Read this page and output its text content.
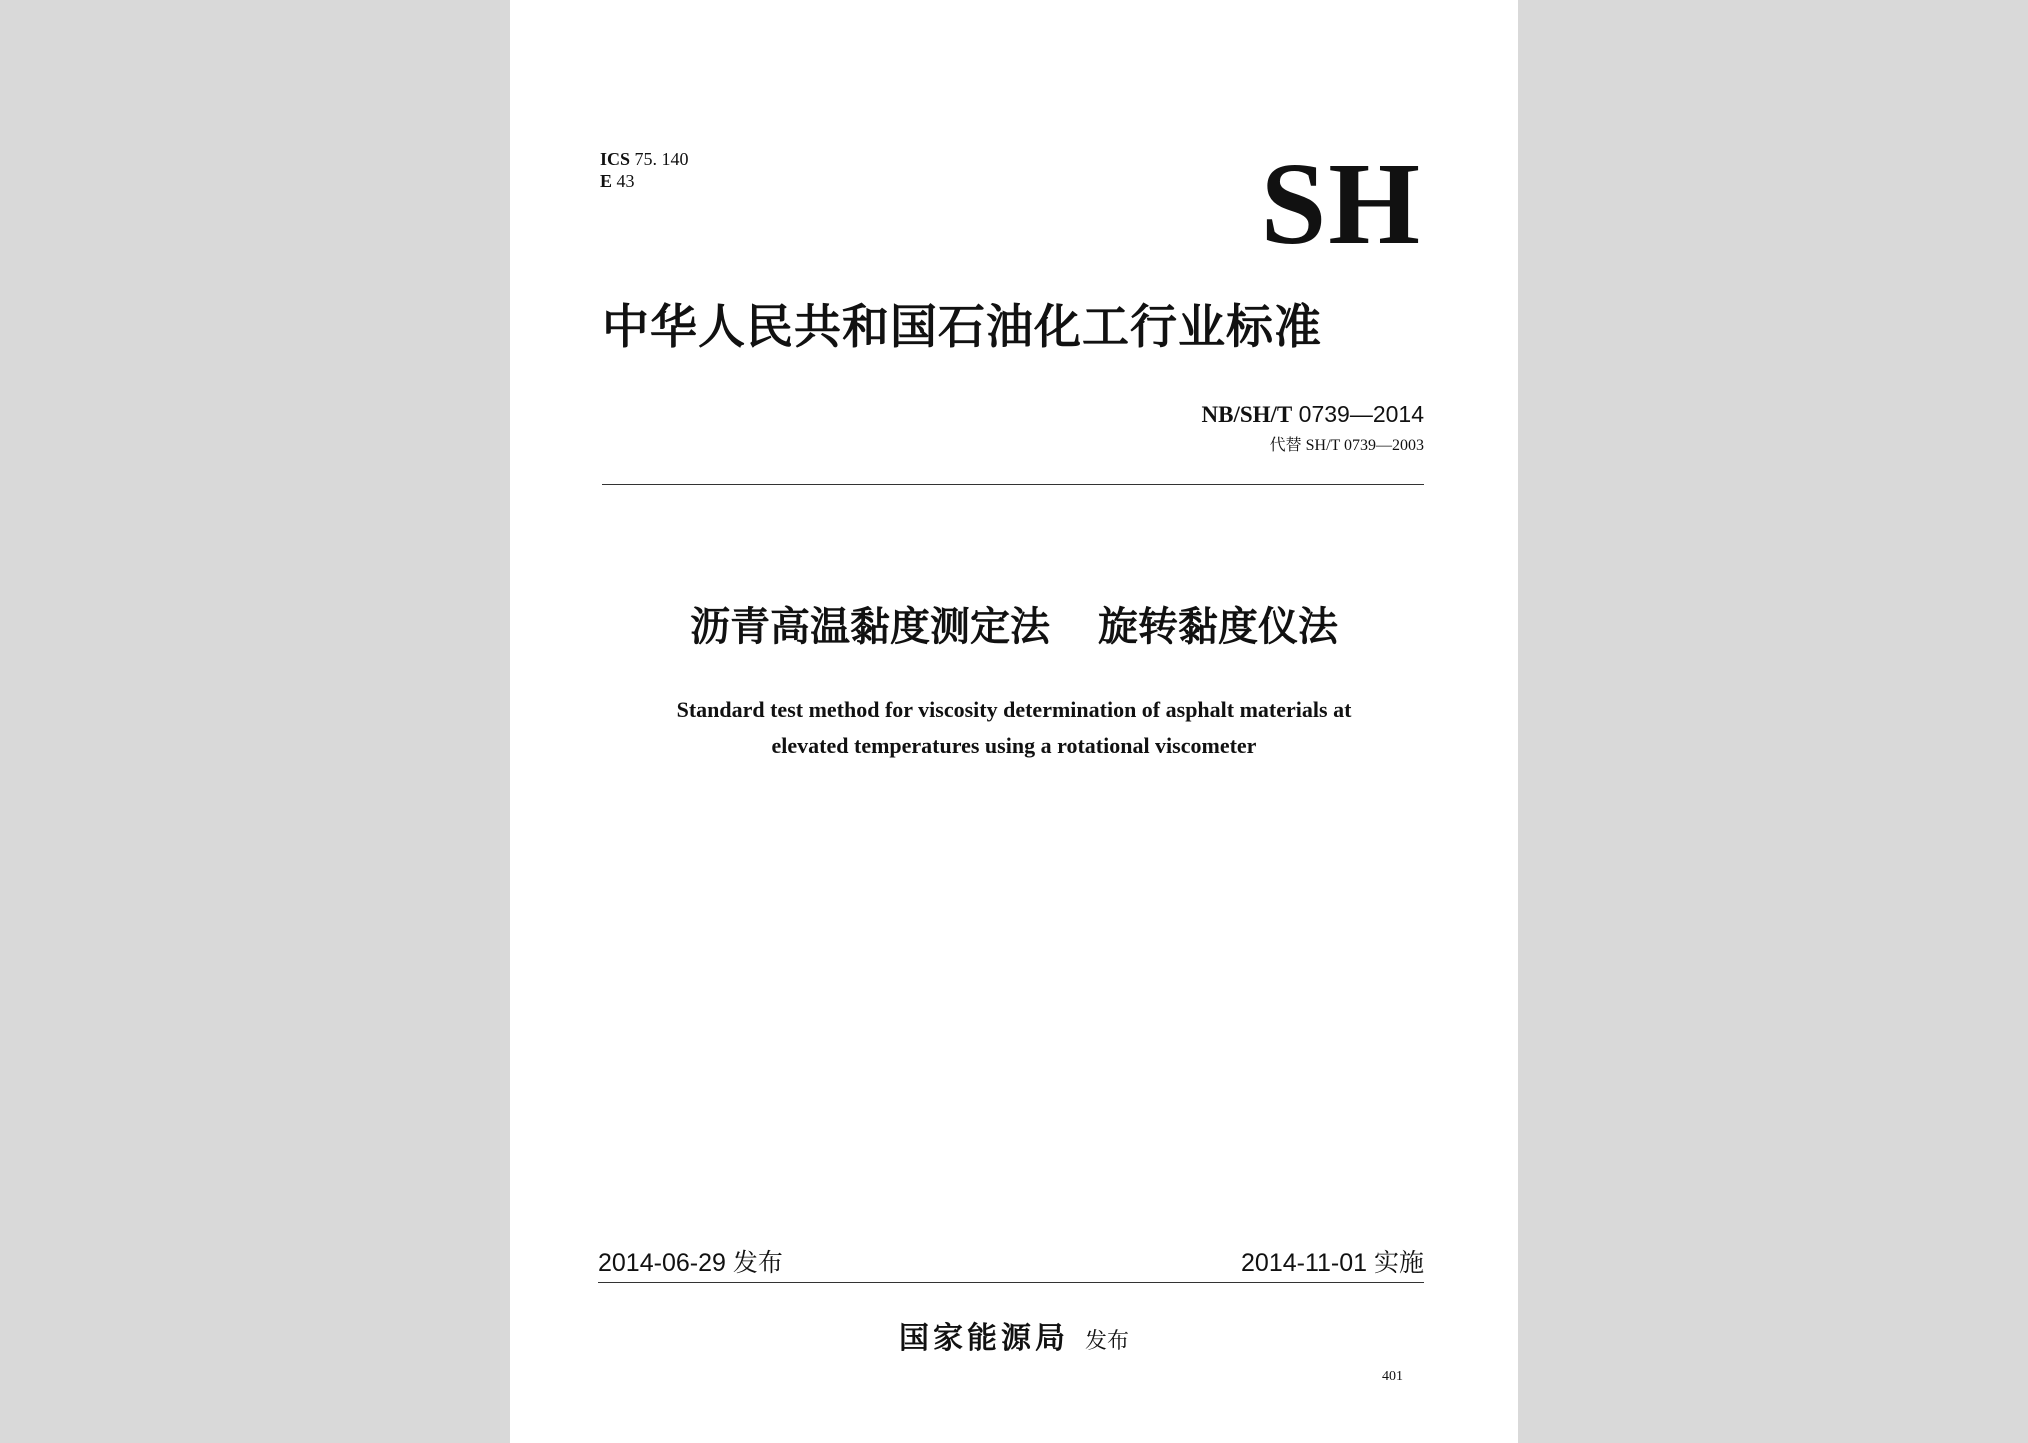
ICS 75. 140
E 43	SH
中华人民共和国石油化工行业标准
NB/SH/T 0739—2014
代替 SH/T 0739—2003
沥青高温黏度测定法 旋转黏度仪法
Standard test method for viscosity determination of asphalt materials at
elevated temperatures using a rotational viscometer
2014-06-29 发布	2014-11-01 实施
国家能源局 发布
401
